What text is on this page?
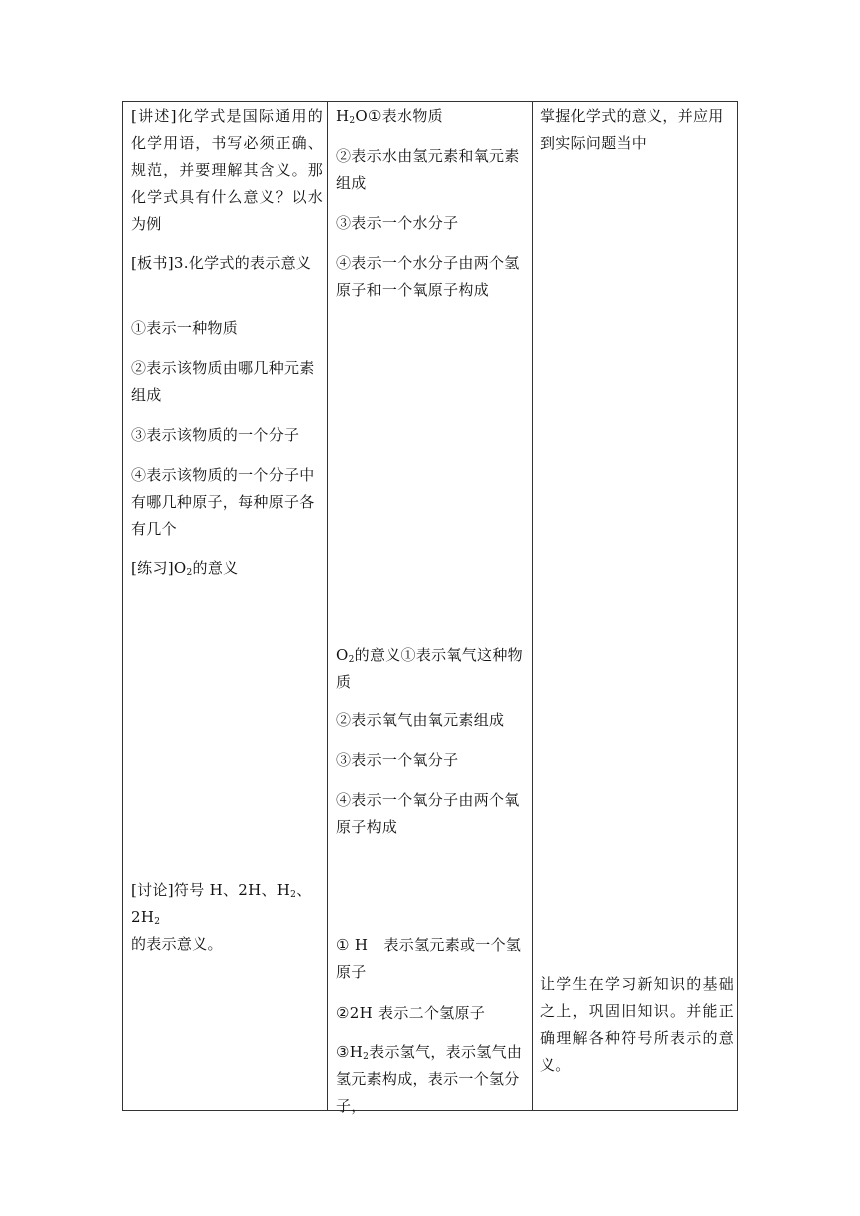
[讲述]化学式是国际通用的化学用语，书写必须正确、规范，并要理解其含义。那化学式具有什么意义？以水为例

[板书]3.化学式的表示意义

①表示一种物质

②表示该物质由哪几种元素组成

③表示该物质的一个分子

④表示该物质的一个分子中有哪几种原子，每种原子各有几个

[练习]$O_2$的意义

[讨论]符号 H、2H、$H_2$、$2H_2$
的表示意义。

$H_2O①$表水物质

②表示水由氢元素和氧元素组成

③表示一个水分子

④表示一个水分子由两个氢原子和一个氧原子构成

$O_2$的意义①表示氧气这种物质

②表示氧气由氧元素组成

③表示一个氧分子

④表示一个氧分子由两个氧原子构成

① H　表示氢元素或一个氢原子

②2H 表示二个氢原子

$③H_2$表示氢气，表示氢气由氢元素构成，表示一个氢分子，

掌握化学式的意义，并应用到实际问题当中

让学生在学习新知识的基础之上，巩固旧知识。并能正确理解各种符号所表示的意义。
